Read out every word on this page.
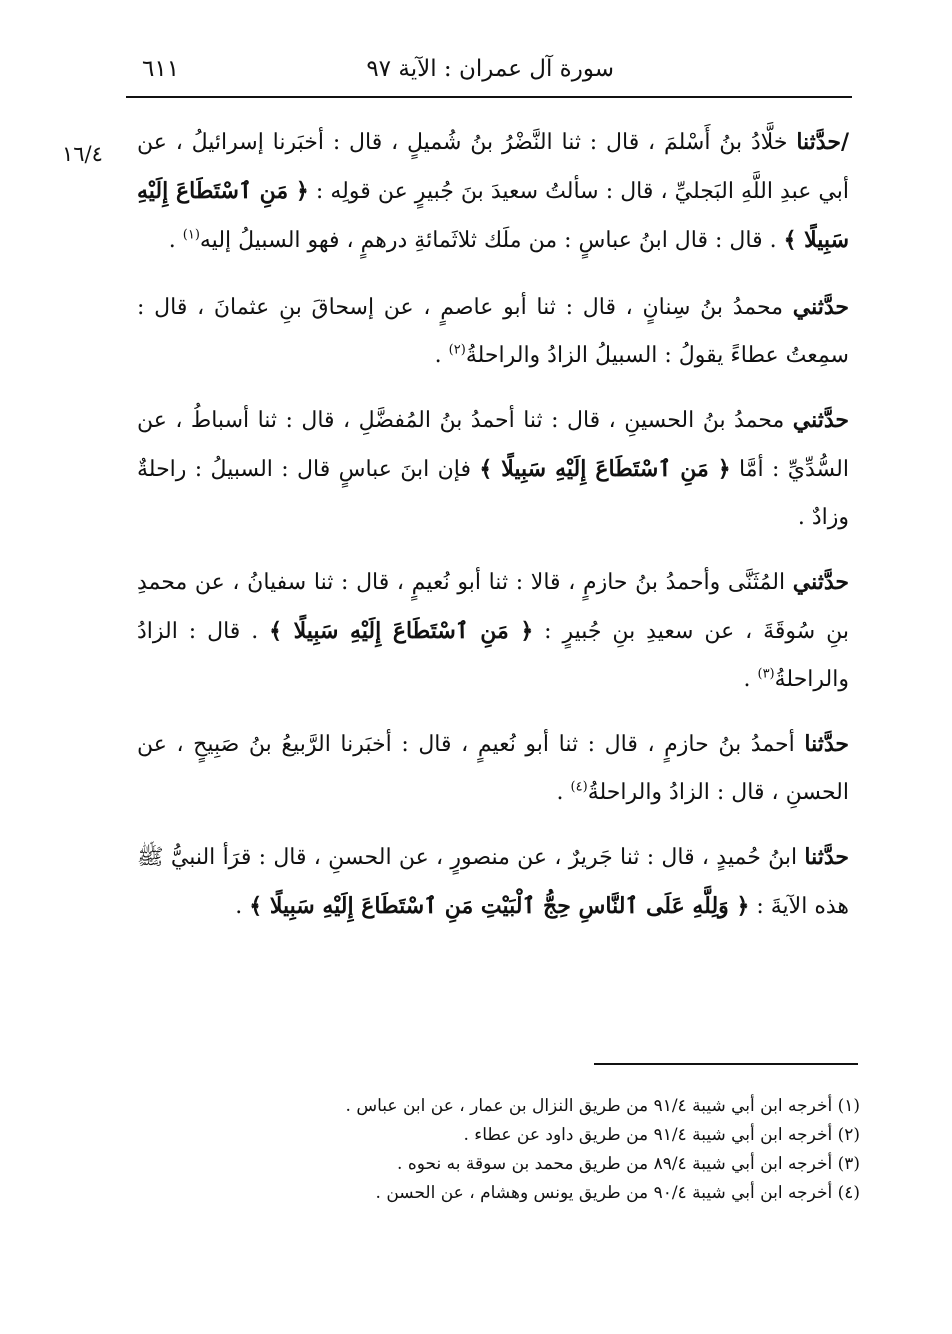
سورة آل عمران : الآية ٩٧
٦١١
١٦/٤	/حدَّثنا خلَّادُ بنُ أَسْلمَ ، قال : ثنا النَّضْرُ بنُ شُميلٍ ، قال : أخبَرنا إسرائيلُ ، عن أبي عبدِ اللَّهِ البَجليِّ ، قال : سألتُ سعيدَ بنَ جُبيرٍ عن قولِه : ﴿ مَنِ ٱسْتَطَاعَ إِلَيْهِ سَبِيلًا ﴾ . قال : قال ابنُ عباسٍ : من ملَك ثلاثَمائةِ درهمٍ ، فهو السبيلُ إليه$^{(١)}$ .

حدَّثني محمدُ بنُ سِنانٍ ، قال : ثنا أبو عاصمٍ ، عن إسحاقَ بنِ عثمانَ ، قال : سمِعتُ عطاءً يقولُ : السبيلُ الزادُ والراحلةُ$^{(٢)}$ .

حدَّثني محمدُ بنُ الحسينِ ، قال : ثنا أحمدُ بنُ المُفضَّلِ ، قال : ثنا أسباطُ ، عن السُّدِّيِّ : أمَّا ﴿ مَنِ ٱسْتَطَاعَ إِلَيْهِ سَبِيلًا ﴾ فإن ابنَ عباسٍ قال : السبيلُ : راحلةٌ وزادٌ .

حدَّثني المُثَنَّى وأحمدُ بنُ حازمٍ ، قالا : ثنا أبو نُعيمٍ ، قال : ثنا سفيانُ ، عن محمدِ بنِ سُوقَةَ ، عن سعيدِ بنِ جُبيرٍ : ﴿ مَنِ ٱسْتَطَاعَ إِلَيْهِ سَبِيلًا ﴾ . قال : الزادُ والراحلةُ$^{(٣)}$ .

حدَّثنا أحمدُ بنُ حازمٍ ، قال : ثنا أبو نُعيمٍ ، قال : أخبَرنا الرَّبيعُ بنُ صَبِيحٍ ، عن الحسنِ ، قال : الزادُ والراحلةُ$^{(٤)}$ .

حدَّثنا ابنُ حُميدٍ ، قال : ثنا جَريرٌ ، عن منصورٍ ، عن الحسنِ ، قال : قرَأ النبيُّ ﷺ هذه الآيةَ : ﴿ وَلِلَّهِ عَلَى ٱلنَّاسِ حِجُّ ٱلْبَيْتِ مَنِ ٱسْتَطَاعَ إِلَيْهِ سَبِيلًا ﴾ .

(١) أخرجه ابن أبي شيبة ٩١/٤ من طريق النزال بن عمار ، عن ابن عباس .

(٢) أخرجه ابن أبي شيبة ٩١/٤ من طريق داود عن عطاء .

(٣) أخرجه ابن أبي شيبة ٨٩/٤ من طريق محمد بن سوقة به نحوه .

(٤) أخرجه ابن أبي شيبة ٩٠/٤ من طريق يونس وهشام ، عن الحسن .
